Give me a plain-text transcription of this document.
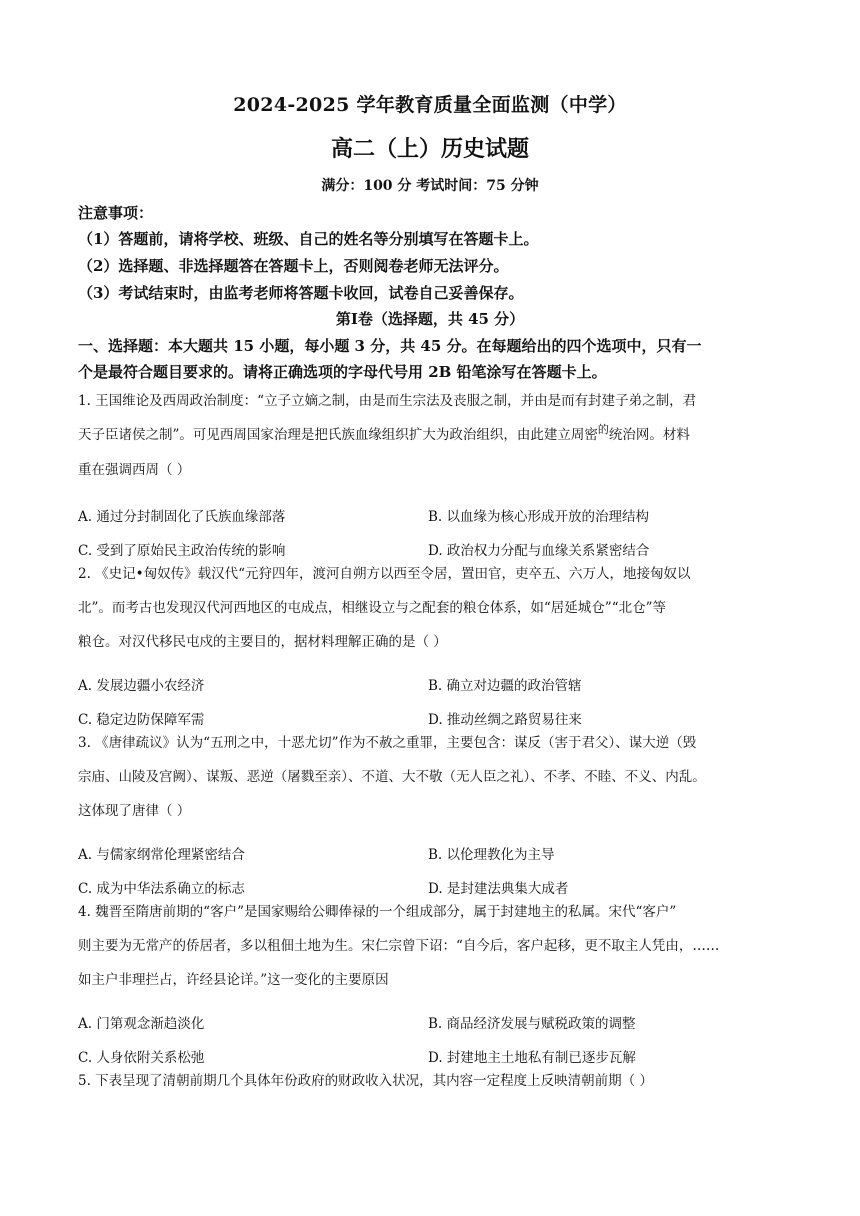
2024-2025 学年教育质量全面监测（中学）
高二（上）历史试题
满分：100 分 考试时间：75 分钟
注意事项：
（1）答题前，请将学校、班级、自己的姓名等分别填写在答题卡上。
（2）选择题、非选择题答在答题卡上，否则阅卷老师无法评分。
（3）考试结束时，由监考老师将答题卡收回，试卷自己妥善保存。
第Ⅰ卷（选择题，共 45 分）
一、选择题：本大题共 15 小题，每小题 3 分，共 45 分。在每题给出的四个选项中，只有一
个是最符合题目要求的。请将正确选项的字母代号用 2B 铅笔涂写在答题卡上。
1. 王国维论及西周政治制度：“立子立嫡之制，由是而生宗法及丧服之制，并由是而有封建子弟之制，君
天子臣诸侯之制”。可见西周国家治理是把氏族血缘组织扩大为政治组织，由此建立周密$^的$统治网。材料
重在强调西周（ ）
A. 通过分封制固化了氏族血缘部落	B. 以血缘为核心形成开放的治理结构
C. 受到了原始民主政治传统的影响	D. 政治权力分配与血缘关系紧密结合
2. 《史记•匈奴传》载汉代“元狩四年，渡河自朔方以西至令居，置田官，吏卒五、六万人，地接匈奴以
北”。而考古也发现汉代河西地区的屯成点，相继设立与之配套的粮仓体系，如“居延城仓”“北仓”等
粮仓。对汉代移民屯戍的主要目的，据材料理解正确的是（ ）
A. 发展边疆小农经济	B. 确立对边疆的政治管辖
C. 稳定边防保障军需	D. 推动丝绸之路贸易往来
3. 《唐律疏议》认为“五刑之中，十恶尤切”作为不赦之重罪，主要包含：谋反（害于君父）、谋大逆（毁
宗庙、山陵及宫阙）、谋叛、恶逆（屠戮至亲）、不道、大不敬（无人臣之礼）、不孝、不睦、不义、内乱。
这体现了唐律（ ）
A. 与儒家纲常伦理紧密结合	B. 以伦理教化为主导
C. 成为中华法系确立的标志	D. 是封建法典集大成者
4. 魏晋至隋唐前期的“客户”是国家赐给公卿俸禄的一个组成部分，属于封建地主的私属。宋代“客户”
则主要为无常产的侨居者，多以租佃土地为生。宋仁宗曾下诏：“自今后，客户起移，更不取主人凭由，……
如主户非理拦占，许经县论详。”这一变化的主要原因
A. 门第观念渐趋淡化	B. 商品经济发展与赋税政策的调整
C. 人身依附关系松弛	D. 封建地主土地私有制已逐步瓦解
5. 下表呈现了清朝前期几个具体年份政府的财政收入状况，其内容一定程度上反映清朝前期（ ）
